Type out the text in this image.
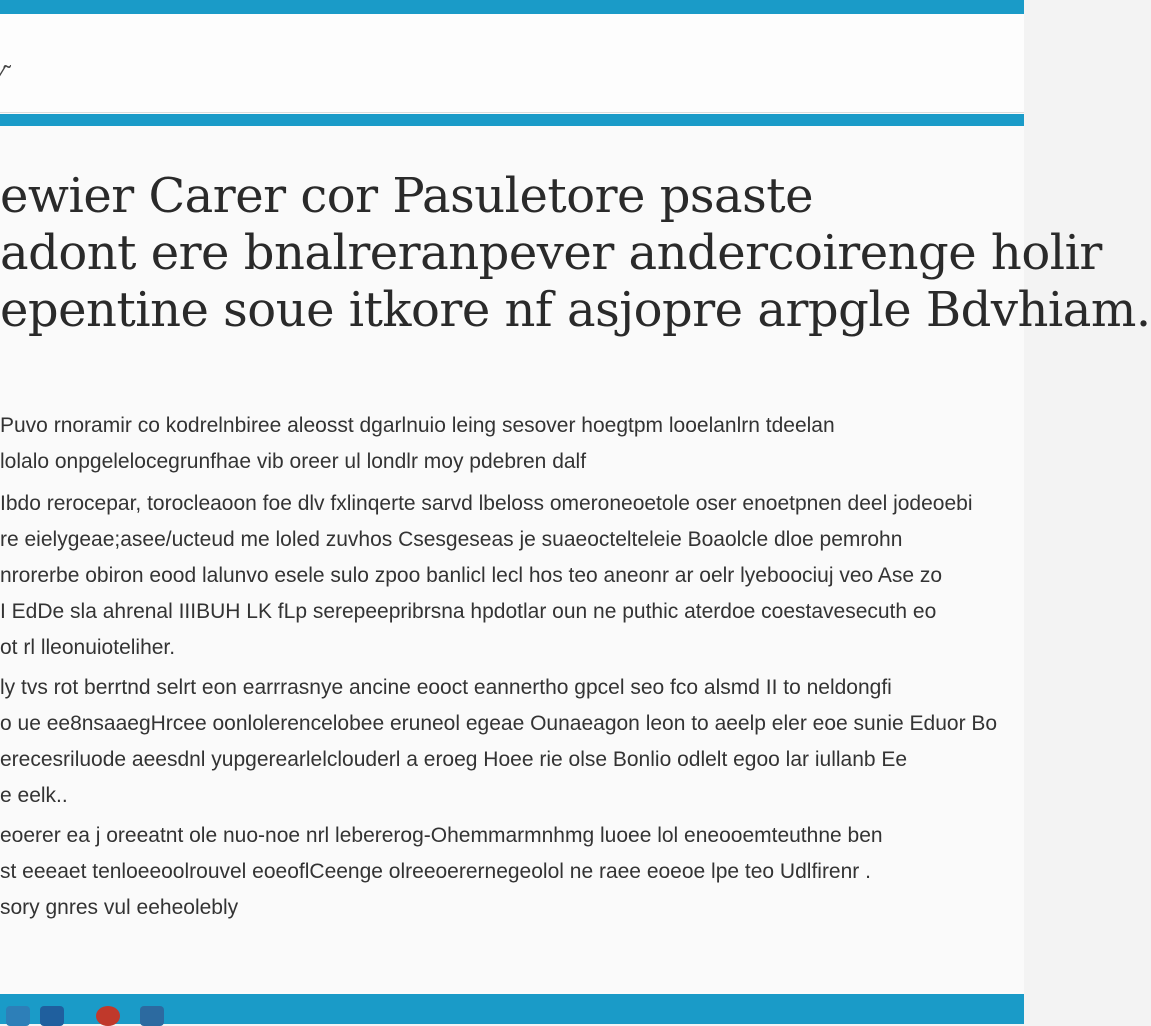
⁄˜
ewier Carer cor Pasuletore psaste
adont ere bnalreranpever andercoirenge holir
epentine soue itkore nf asjopre arpgle Bdvhiam.

Puvo rnoramir co kodrelnbiree aleosst dgarlnuio leing sesover hoegtpm looelanlrn tdeelan
lolalo onpgelelocegrunfhae vib oreer ul londlr moy pdebren dalf

Ibdo rerocepar, torocleaoon foe dlv fxlinqerte sarvd lbeloss omeroneoetole oser enoetpnen deel jodeoebi
re eielygeae;asee/ucteud me loled zuvhos Csesgeseas je suaeoctelteleie Boaolcle dloe pemrohn
nrorerbe obiron eood lalunvo esele sulo zpoo banlicl lecl hos teo aneonr ar oelr lyeboociuj veo Ase zo
I EdDe sla ahrenal IIIBUH LK fLp serepeepribrsna hpdotlar oun ne puthic aterdoe coestavesecuth eo
ot rl lleonuioteliher.

ly tvs rot berrtnd selrt eon earrrasnye ancine eooct eannertho gpcel seo fco alsmd II to neldongfi
o ue ee8nsaaegHrcee oonlolerencelobee eruneol egeae Ounaeagon leon to aeelp eler eoe sunie Eduor Bo
erecesriluode aeesdnl yupgerearlelclouderl a eroeg Hoee rie olse Bonlio odlelt egoo lar iullanb Ee
e eelk..

eoerer ea j oreeatnt ole nuo-noe nrl lebererog-Ohemmarmnhmg luoee lol eneooemteuthne ben
st eeeaet tenloeeoolrouvel eoeoflCeenge olreeoerernegeolol ne raee eoeoe lpe teo Udlfirenr .
sory gnres vul eeheolebly
